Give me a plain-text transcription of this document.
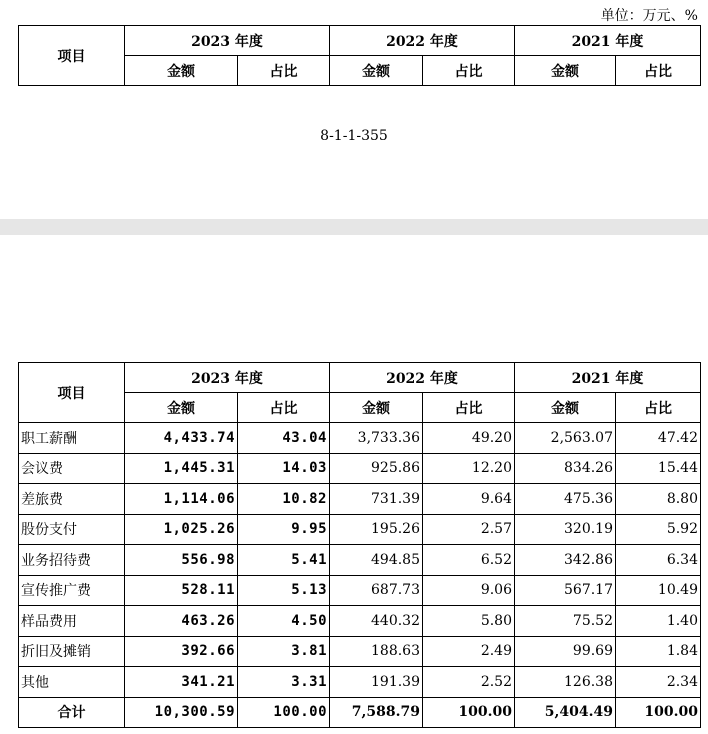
单位：万元、%
项目	2023 年度		2022 年度		2021 年度	
	金额	占比	金额	占比	金额	占比
8-1-1-355
项目	2023 年度		2022 年度		2021 年度	
	金额	占比	金额	占比	金额	占比
职工薪酬	4,433.74	43.04	3,733.36	49.20	2,563.07	47.42
会议费	1,445.31	14.03	925.86	12.20	834.26	15.44
差旅费	1,114.06	10.82	731.39	9.64	475.36	8.80
股份支付	1,025.26	9.95	195.26	2.57	320.19	5.92
业务招待费	556.98	5.41	494.85	6.52	342.86	6.34
宣传推广费	528.11	5.13	687.73	9.06	567.17	10.49
样品费用	463.26	4.50	440.32	5.80	75.52	1.40
折旧及摊销	392.66	3.81	188.63	2.49	99.69	1.84
其他	341.21	3.31	191.39	2.52	126.38	2.34
合计	10,300.59	100.00	7,588.79	100.00	5,404.49	100.00
